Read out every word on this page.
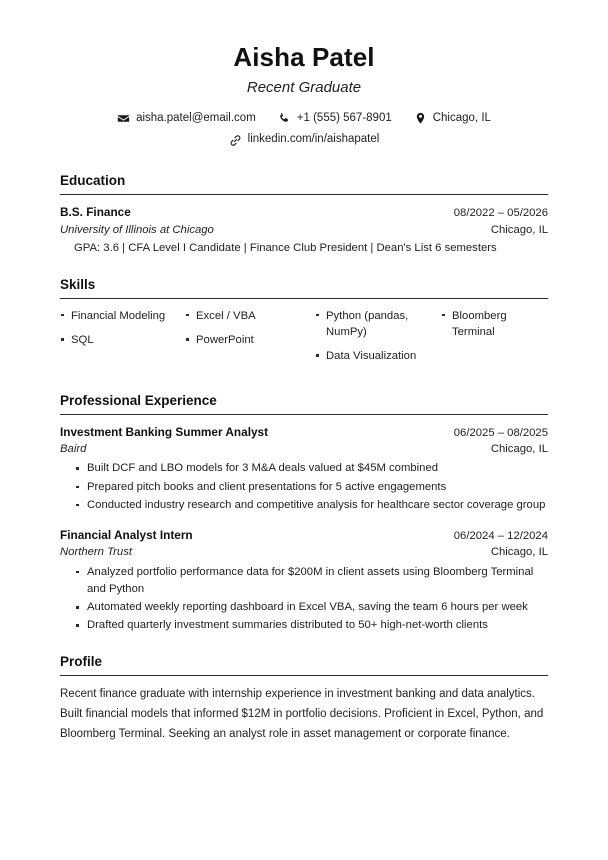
Aisha Patel
Recent Graduate
aisha.patel@email.com	+1 (555) 567-8901	Chicago, IL
linkedin.com/in/aishapatel
Education
B.S. Finance	08/2022 – 05/2026
University of Illinois at Chicago	Chicago, IL
GPA: 3.6 | CFA Level I Candidate | Finance Club President | Dean's List 6 semesters
Skills
Financial Modeling
SQL
Excel / VBA
PowerPoint
Python (pandas, NumPy)
Data Visualization
Bloomberg Terminal
Professional Experience
Investment Banking Summer Analyst	06/2025 – 08/2025
Baird	Chicago, IL
Built DCF and LBO models for 3 M&A deals valued at $45M combined
Prepared pitch books and client presentations for 5 active engagements
Conducted industry research and competitive analysis for healthcare sector coverage group
Financial Analyst Intern	06/2024 – 12/2024
Northern Trust	Chicago, IL
Analyzed portfolio performance data for $200M in client assets using Bloomberg Terminal and Python
Automated weekly reporting dashboard in Excel VBA, saving the team 6 hours per week
Drafted quarterly investment summaries distributed to 50+ high-net-worth clients
Profile
Recent finance graduate with internship experience in investment banking and data analytics. Built financial models that informed $12M in portfolio decisions. Proficient in Excel, Python, and Bloomberg Terminal. Seeking an analyst role in asset management or corporate finance.
